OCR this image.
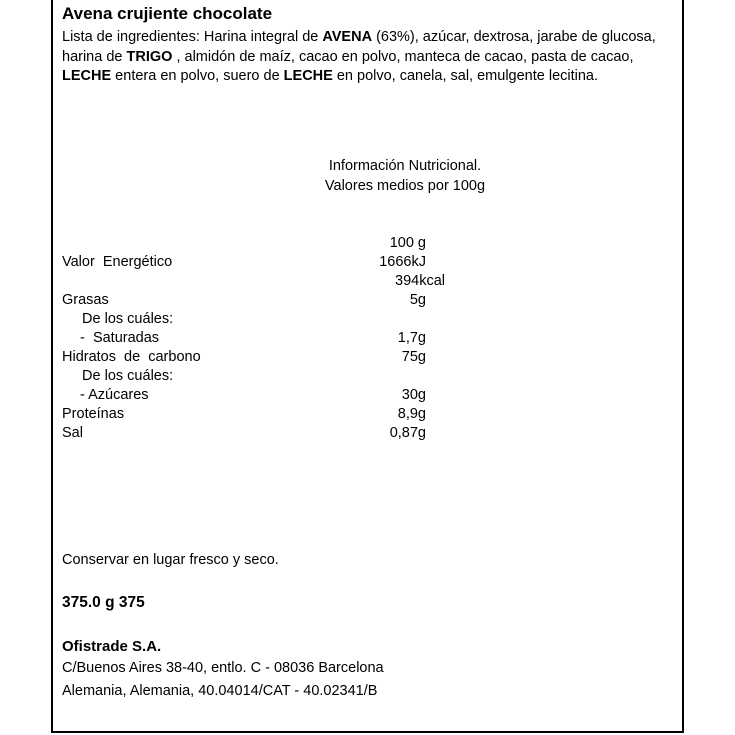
Avena crujiente chocolate
Lista de ingredientes: Harina integral de AVENA (63%), azúcar, dextrosa, jarabe de glucosa, harina de TRIGO , almidón de maíz, cacao en polvo, manteca de cacao, pasta de cacao, LECHE entera en polvo, suero de LECHE en polvo, canela, sal, emulgente lecitina.
Información Nutricional.
Valores medios por 100g
100 g
Valor  Energético	1666kJ
394kcal
Grasas	5g
De los cuáles:
-  Saturadas	1,7g
Hidratos  de  carbono	75g
De los cuáles:
- Azúcares	30g
Proteínas	8,9g
Sal	0,87g
Conservar en lugar fresco y seco.
375.0 g 375
Ofistrade S.A.
C/Buenos Aires 38-40, entlo. C - 08036 Barcelona
Alemania, Alemania, 40.04014/CAT - 40.02341/B
